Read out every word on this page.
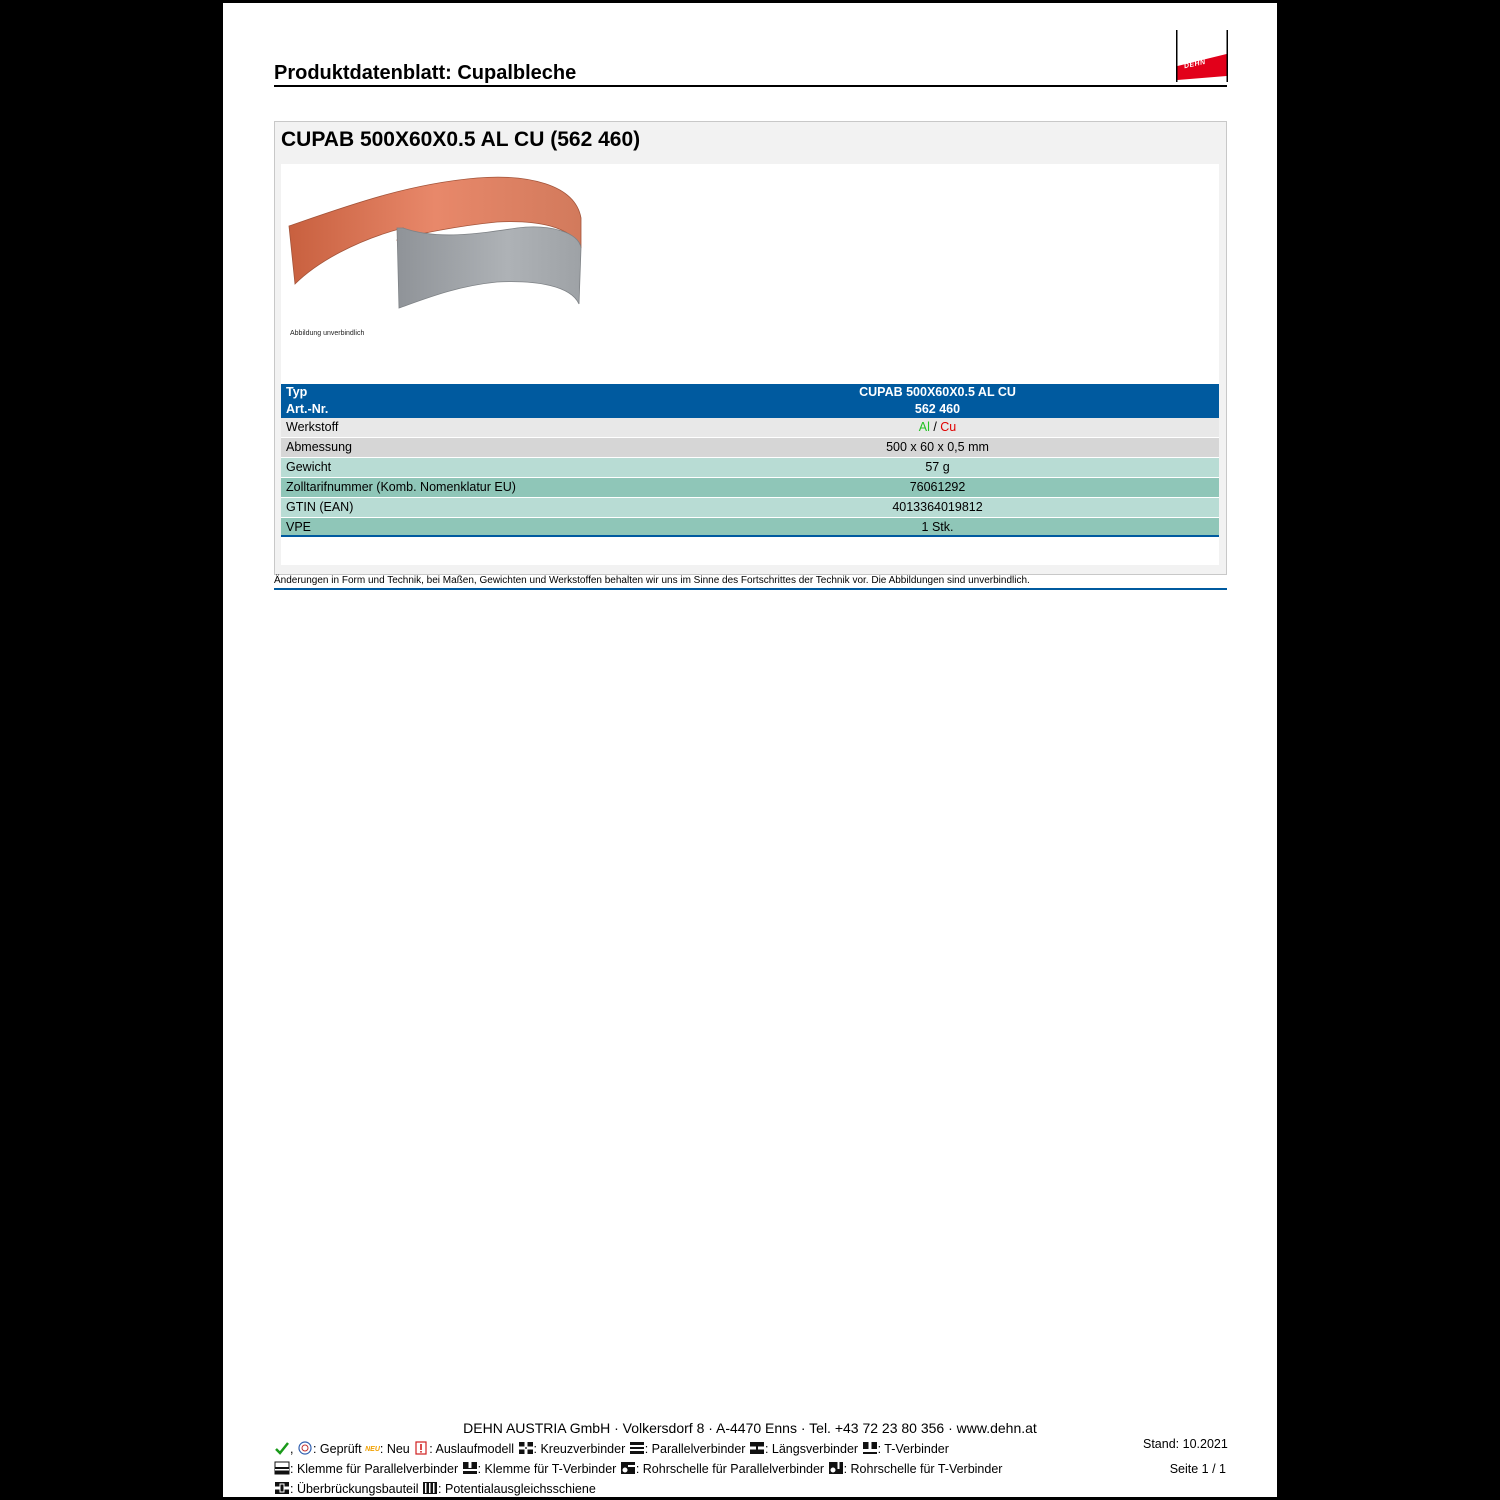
Produktdatenblatt: Cupalbleche	DEHN
CUPAB 500X60X0.5 AL CU (562 460)
Abbildung unverbindlich
Typ	CUPAB 500X60X0.5 AL CU	
Art.-Nr.	562 460	
Werkstoff	Al / Cu	

Abmessung	500 x 60 x 0,5 mm	

Gewicht	57 g	

Zolltarifnummer (Komb. Nomenklatur EU)	76061292	

GTIN (EAN)	4013364019812	

VPE	1 Stk.	
Änderungen in Form und Technik, bei Maßen, Gewichten und Werkstoffen behalten wir uns im Sinne des Fortschrittes der Technik vor. Die Abbildungen sind unverbindlich.
DEHN AUSTRIA GmbH · Volkersdorf 8 · A-4470 Enns · Tel. +43 72 23 80 356 · www.dehn.at
, : Geprüft NEU: Neu : Auslaufmodell : Kreuzverbinder : Parallelverbinder : Längsverbinder : T-Verbinder
: Klemme für Parallelverbinder : Klemme für T-Verbinder : Rohrschelle für Parallelverbinder : Rohrschelle für T-Verbinder
: Überbrückungsbauteil : Potentialausgleichsschiene
Stand: 10.2021
Seite 1 / 1
